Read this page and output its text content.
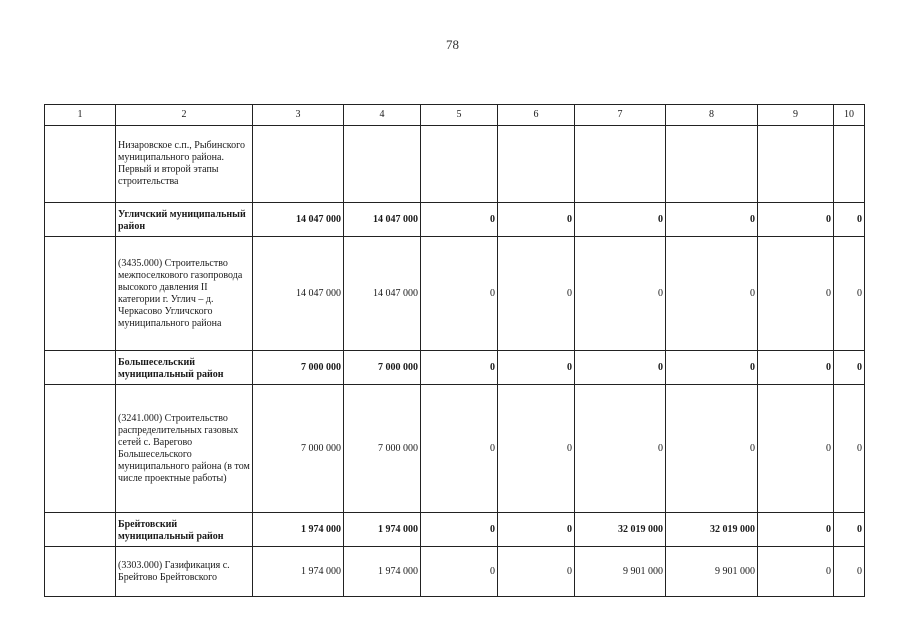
78
1	2	3	4	5	6	7	8	9	10
	Низаровское с.п., Рыбинского муниципального района. Первый и второй этапы строительства								
	Угличский муниципальный район	14 047 000	14 047 000	0	0	0	0	0	0
	(3435.000) Строительство межпоселкового газопровода высокого давления II категории г. Углич – д. Черкасово Угличского муниципального района	14 047 000	14 047 000	0	0	0	0	0	0
	Большесельский муниципальный район	7 000 000	7 000 000	0	0	0	0	0	0
	(3241.000) Строительство распределительных газовых сетей с. Варегово Большесельского муниципального района (в том числе проектные работы)	7 000 000	7 000 000	0	0	0	0	0	0
	Брейтовский муниципальный район	1 974 000	1 974 000	0	0	32 019 000	32 019 000	0	0
	(3303.000) Газификация с. Брейтово Брейтовского	1 974 000	1 974 000	0	0	9 901 000	9 901 000	0	0
